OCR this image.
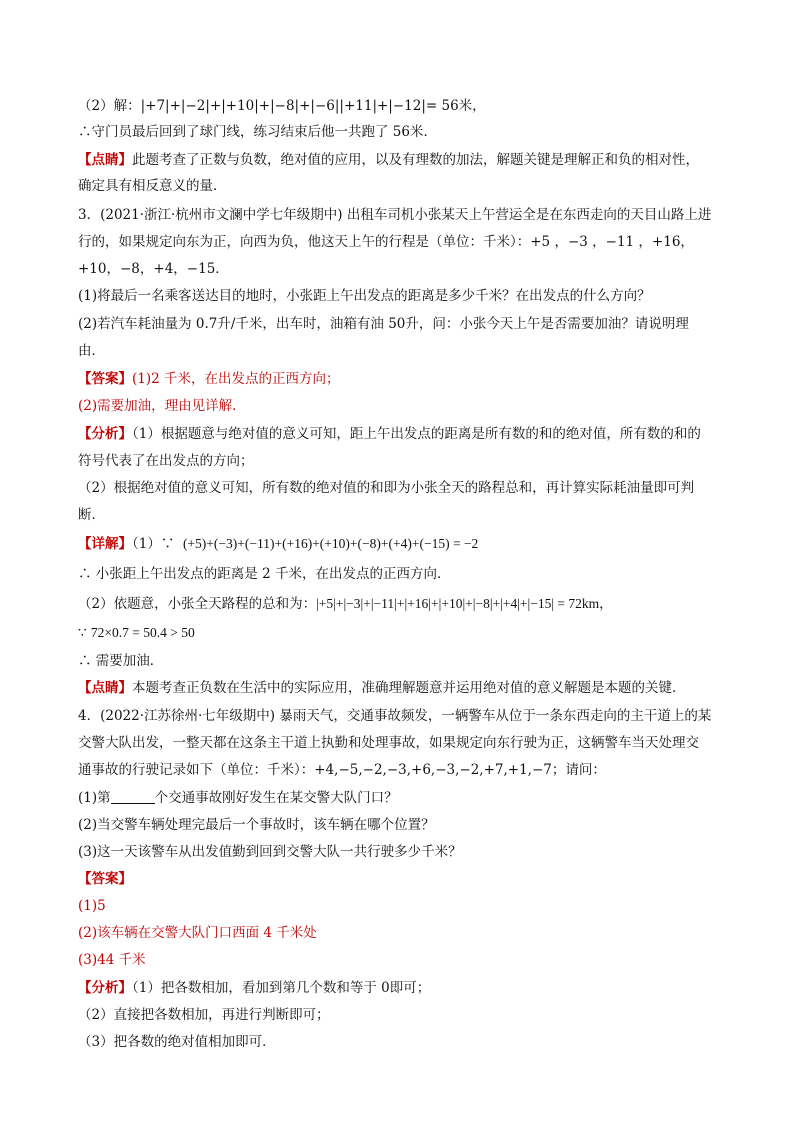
（2）解：|+7|+|−2|+|+10|+|−8|+|−6||+11|+|−12|= 56米，
∴守门员最后回到了球门线，练习结束后他一共跑了 56米．
【点睛】此题考查了正数与负数，绝对值的应用，以及有理数的加法，解题关键是理解正和负的相对性，
确定具有相反意义的量．
3．(2021·浙江·杭州市文澜中学七年级期中) 出租车司机小张某天上午营运全是在东西走向的天目山路上进
行的，如果规定向东为正，向西为负，他这天上午的行程是（单位：千米）：+5 ，−3 ，−11 ，+16，
+10，−8，+4，−15．
(1)将最后一名乘客送达目的地时，小张距上午出发点的距离是多少千米？在出发点的什么方向？
(2)若汽车耗油量为 0.7升/千米，出车时，油箱有油 50升，问：小张今天上午是否需要加油？请说明理
由．
【答案】(1)2 千米，在出发点的正西方向；
(2)需要加油，理由见详解．
【分析】（1）根据题意与绝对值的意义可知，距上午出发点的距离是所有数的和的绝对值，所有数的和的
符号代表了在出发点的方向；
（2）根据绝对值的意义可知，所有数的绝对值的和即为小张全天的路程总和，再计算实际耗油量即可判
断．
【详解】（1）∵ (+5)+(−3)+(−11)+(+16)+(+10)+(−8)+(+4)+(−15) = −2
∴ 小张距上午出发点的距离是 2 千米，在出发点的正西方向．
（2）依题意，小张全天路程的总和为：|+5|+|−3|+|−11|+|+16|+|+10|+|−8|+|+4|+|−15| = 72km，
∵ 72×0.7 = 50.4 > 50
∴ 需要加油．
【点睛】本题考查正负数在生活中的实际应用，准确理解题意并运用绝对值的意义解题是本题的关键．
4．(2022·江苏徐州·七年级期中) 暴雨天气，交通事故频发，一辆警车从位于一条东西走向的主干道上的某
交警大队出发，一整天都在这条主干道上执勤和处理事故，如果规定向东行驶为正，这辆警车当天处理交
通事故的行驶记录如下（单位：千米）：+4,−5,−2,−3,+6,−3,−2,+7,+1,−7；请问：
(1)第	个交通事故刚好发生在某交警大队门口？
(2)当交警车辆处理完最后一个事故时，该车辆在哪个位置？
(3)这一天该警车从出发值勤到回到交警大队一共行驶多少千米？
【答案】
(1)5
(2)该车辆在交警大队门口西面 4 千米处
(3)44 千米
【分析】（1）把各数相加，看加到第几个数和等于 0即可；
（2）直接把各数相加，再进行判断即可；
（3）把各数的绝对值相加即可．
